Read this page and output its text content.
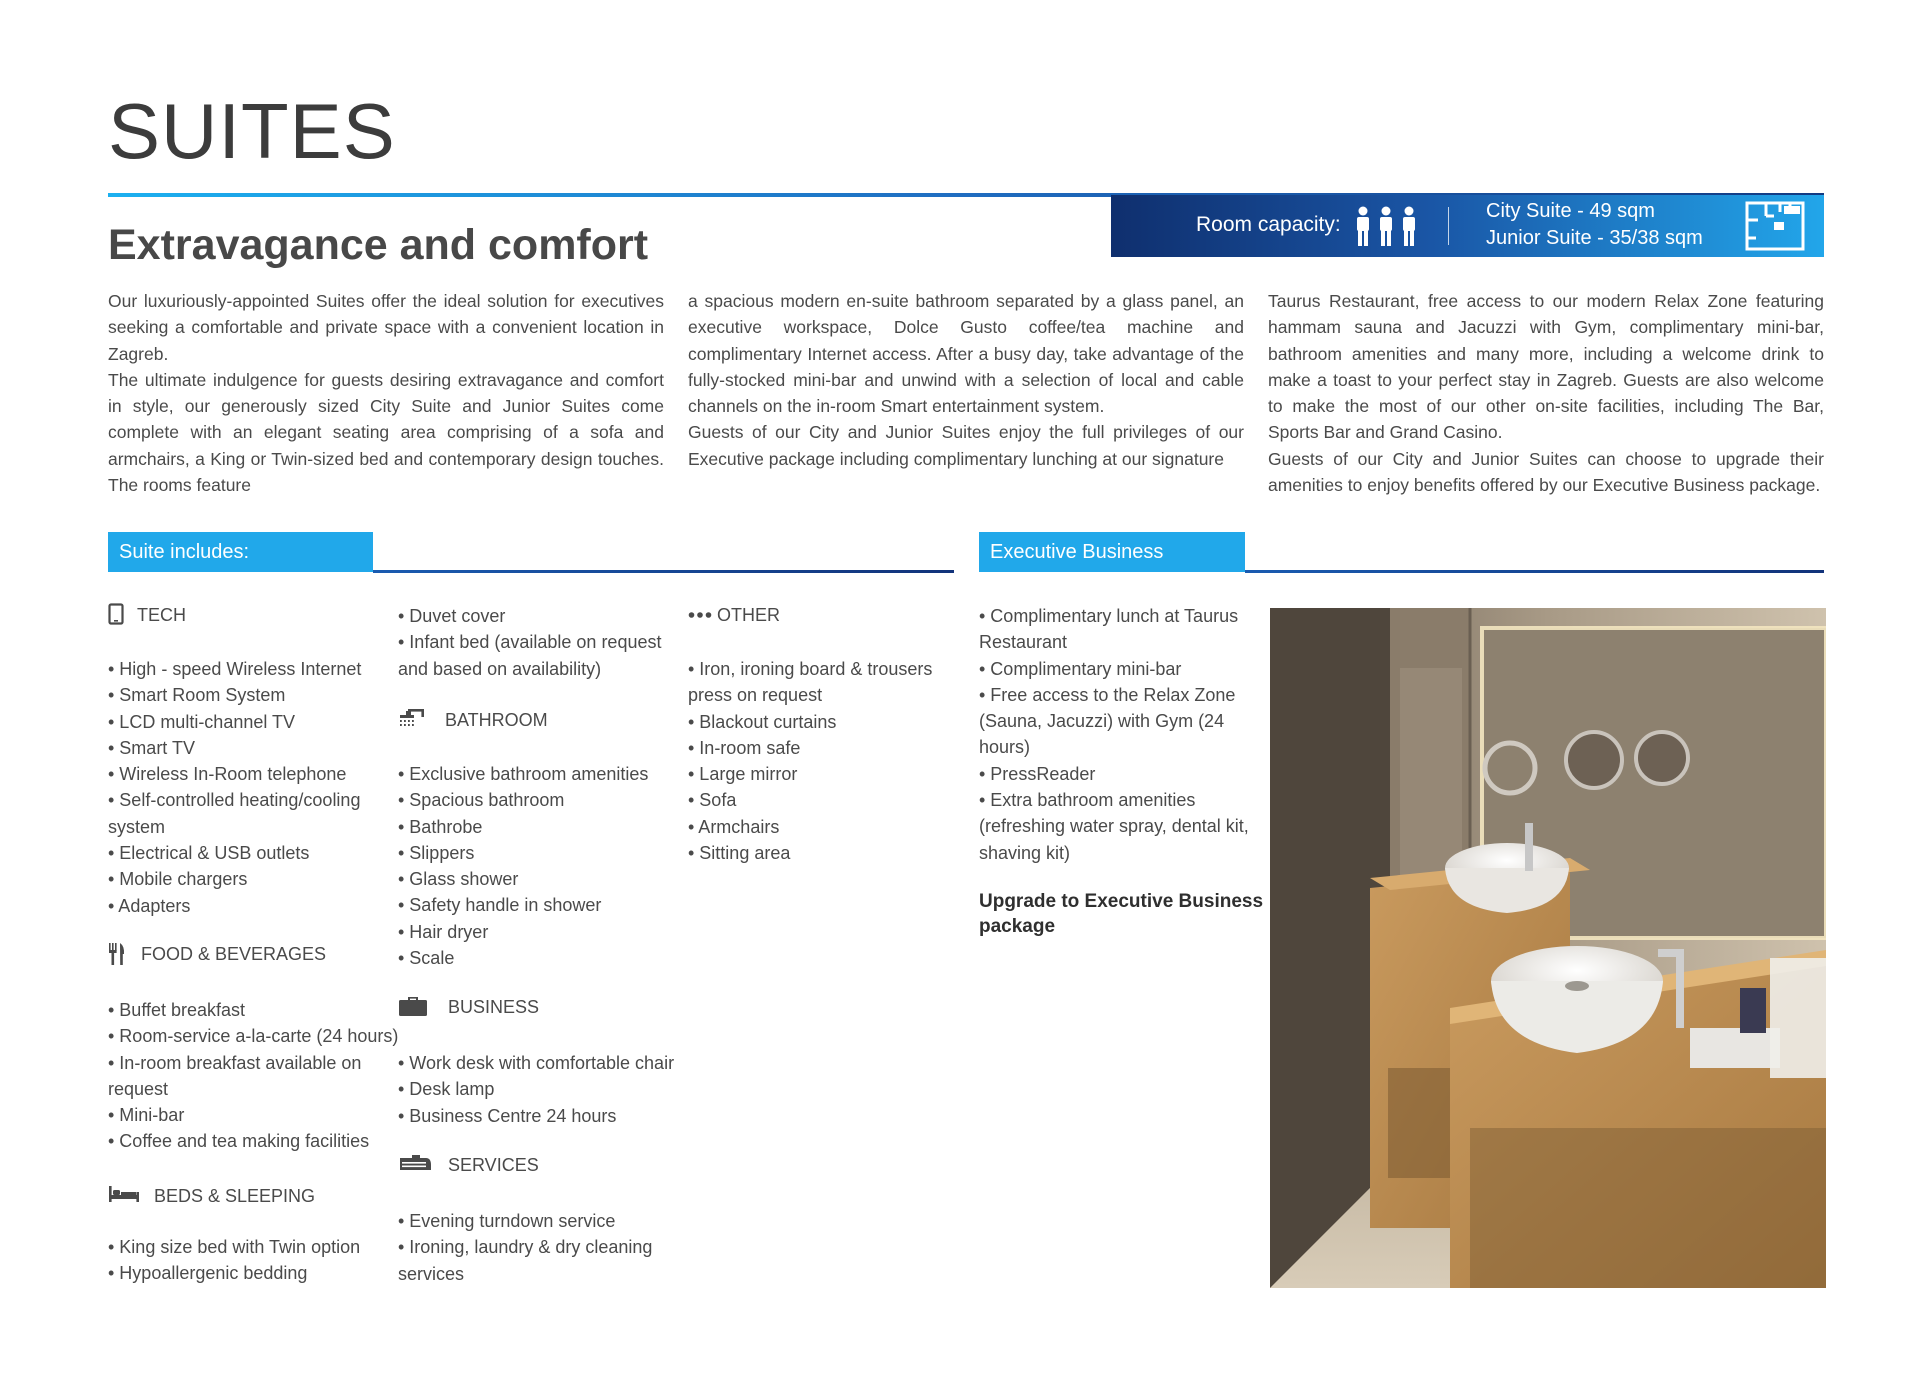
SUITES
Room capacity:
City Suite - 49 sqm
Junior Suite - 35/38 sqm
Extravagance and comfort

Our luxuriously-appointed Suites offer the ideal solution for executives seeking a comfortable and private space with a convenient location in Zagreb.

The ultimate indulgence for guests desiring extravagance and comfort in style, our generously sized City Suite and Junior Suites come complete with an elegant seating area comprising of a sofa and armchairs, a King or Twin-sized bed and contemporary design touches. The rooms feature

a spacious modern en-suite bathroom separated by a glass panel, an executive workspace, Dolce Gusto coffee/tea machine and complimentary Internet access. After a busy day, take advantage of the fully-stocked mini-bar and unwind with a selection of local and cable channels on the in-room Smart entertainment system.

Guests of our City and Junior Suites enjoy the full privileges of our Executive package including complimentary lunching at our signature

Taurus Restaurant, free access to our modern Relax Zone featuring hammam sauna and Jacuzzi with Gym, complimentary mini-bar, bathroom amenities and many more, including a welcome drink to make a toast to your perfect stay in Zagreb. Guests are also welcome to make the most of our other on-site facilities, including The Bar, Sports Bar and Grand Casino.

Guests of our City and Junior Suites can choose to upgrade their amenities to enjoy benefits offered by our Executive Business package.

Suite includes:	Executive Business Amenities:
TECH
• High - speed Wireless Internet
• Smart Room System
• LCD multi-channel TV
• Smart TV
• Wireless In-Room telephone
• Self-controlled heating/cooling
system
• Electrical & USB outlets
• Mobile chargers
• Adapters
FOOD & BEVERAGES
• Buffet breakfast
• Room-service a-la-carte (24 hours)
• In-room breakfast available on
request
• Mini-bar
• Coffee and tea making facilities
BEDS & SLEEPING
• King size bed with Twin option
• Hypoallergenic bedding
• Duvet cover
• Infant bed (available on request
and based on availability)
BATHROOM
• Exclusive bathroom amenities
• Spacious bathroom
• Bathrobe
• Slippers
• Glass shower
• Safety handle in shower
• Hair dryer
• Scale
BUSINESS
• Work desk with comfortable chair
• Desk lamp
• Business Centre 24 hours
SERVICES
• Evening turndown service
• Ironing, laundry & dry cleaning
services
OTHER
• Iron, ironing board & trousers
press on request
• Blackout curtains
• In-room safe
• Large mirror
• Sofa
• Armchairs
• Sitting area
• Complimentary lunch at Taurus
Restaurant
• Complimentary mini-bar
• Free access to the Relax Zone
(Sauna, Jacuzzi) with Gym (24
hours)
• PressReader
• Extra bathroom amenities
(refreshing water spray, dental kit,
shaving kit)
Upgrade to Executive Business
package
